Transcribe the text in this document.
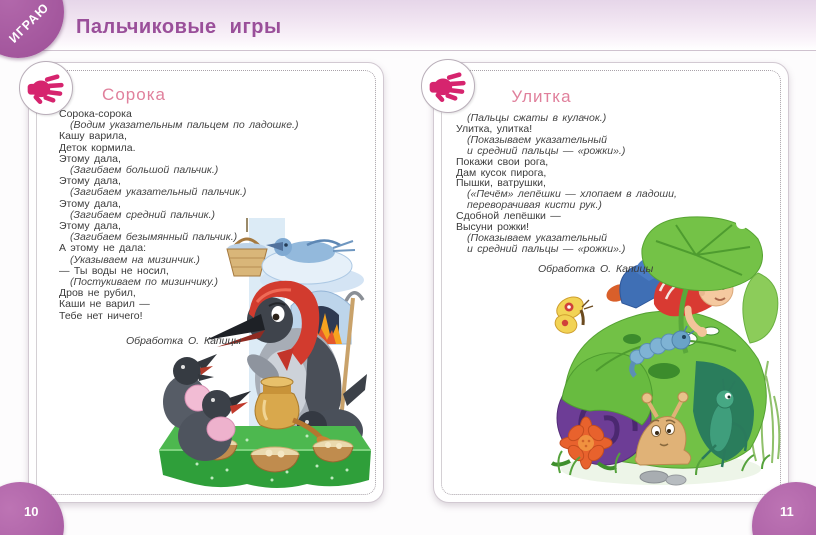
Пальчиковые игры
ИГРАЮ
Сорока
Сорока-сорока
(Водим указательным пальцем по ладошке.)
Кашу варила,
Деток кормила.
Этому дала,
(Загибаем большой пальчик.)
Этому дала,
(Загибаем указательный пальчик.)
Этому дала,
(Загибаем средний пальчик.)
Этому дала,
(Загибаем безымянный пальчик.)
А этому не дала:
(Указываем на мизинчик.)
— Ты воды не носил,
(Постукиваем по мизинчику.)
Дров не рубил,
Каши не варил —
Тебе нет ничего!
Обработка О. Капицы
Улитка
(Пальцы сжаты в кулачок.)
Улитка, улитка!
(Показываем указательный
и средний пальцы — «рожки».)
Покажи свои рога,
Дам кусок пирога,
Пышки, ватрушки,
(«Печём» лепёшки — хлопаем в ладоши,
переворачивая кисти рук.)
Сдобной лепёшки —
Высуни рожки!
(Показываем указательный
и средний пальцы — «рожки».)
Обработка О. Капицы
10	11
